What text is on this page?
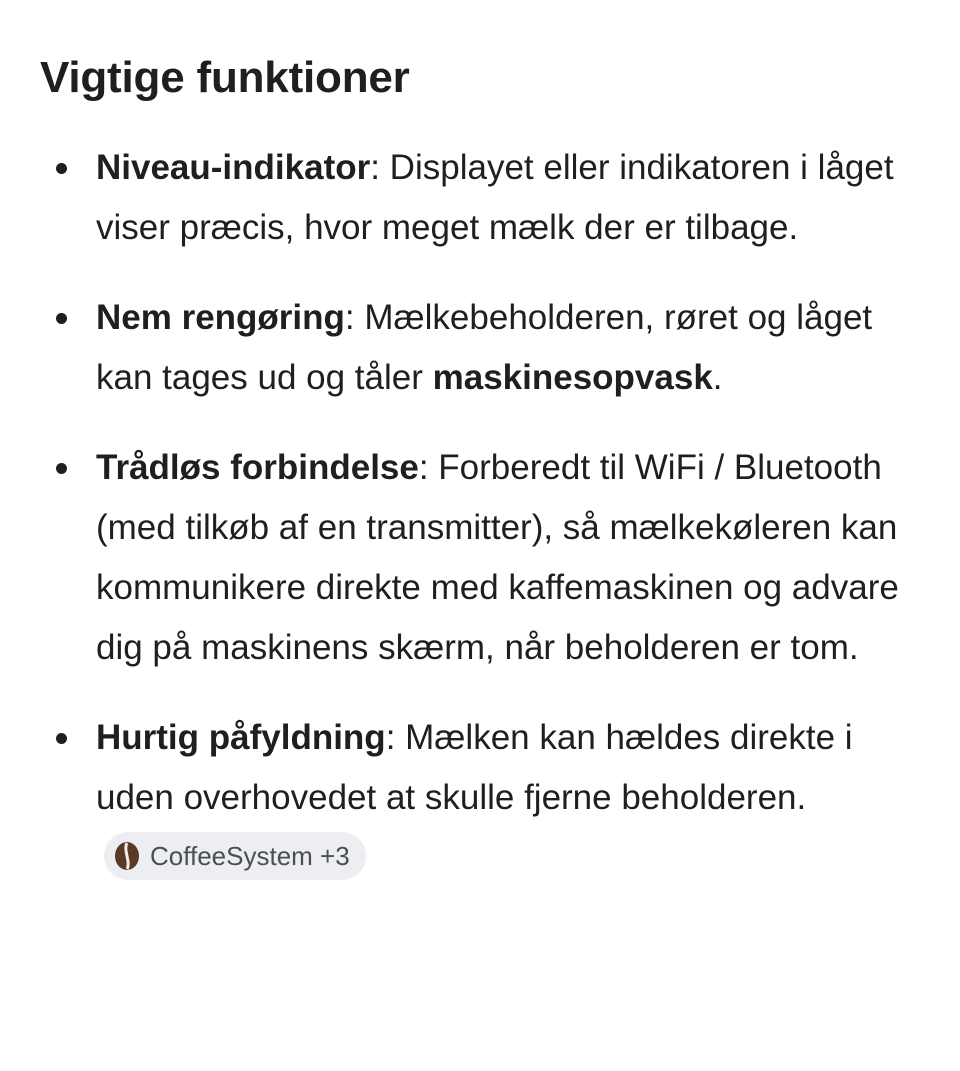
Vigtige funktioner
Niveau-indikator: Displayet eller indikatoren i låget viser præcis, hvor meget mælk der er tilbage.
Nem rengøring: Mælkebeholderen, røret og låget kan tages ud og tåler maskinesopvask.
Trådløs forbindelse: Forberedt til WiFi / Bluetooth (med tilkøb af en transmitter), så mælkekøleren kan kommunikere direkte med kaffemaskinen og advare dig på maskinens skærm, når beholderen er tom.
Hurtig påfyldning: Mælken kan hældes direkte i uden overhovedet at skulle fjerne beholderen.
CoffeeSystem +3
